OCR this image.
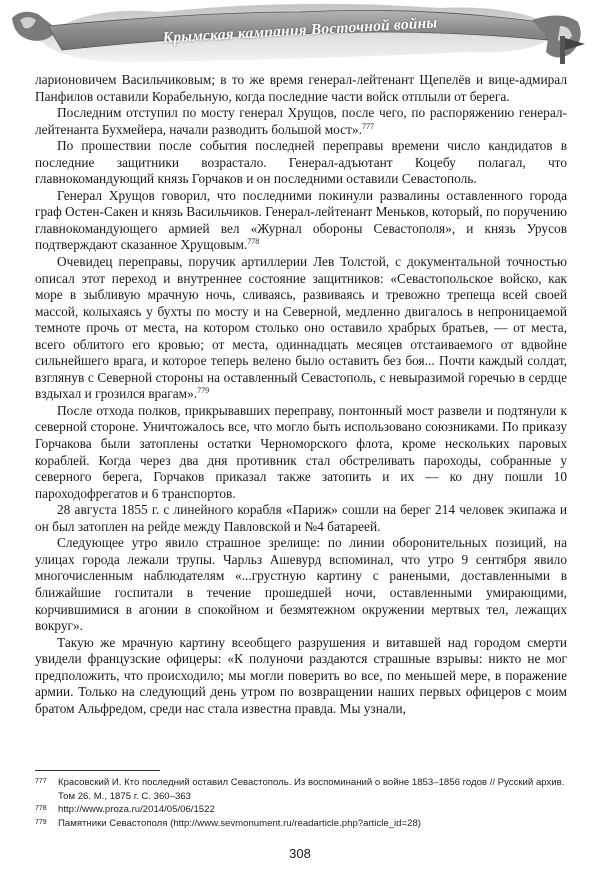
Крымская кампания Восточной войны

ларионовичем Васильчиковым; в то же время генерал-лейтенант Щепелёв и вице-адмирал Панфилов оставили Корабельную, когда последние части войск отплыли от берега.

Последним отступил по мосту генерал Хрущов, после чего, по распоряжению генерал-лейтенанта Бухмейера, начали разводить большой мост».$^{777}$

По прошествии после события последней переправы времени число кандидатов в последние защитники возрастало. Генерал-адъютант Коцебу полагал, что главнокомандующий князь Горчаков и он последними оставили Севастополь.

Генерал Хрущов говорил, что последними покинули развалины оставленного города граф Остен-Сакен и князь Васильчиков. Генерал-лейтенант Меньков, который, по поручению главнокомандующего армией вел «Журнал обороны Севастополя», и князь Урусов подтверждают сказанное Хрущовым.$^{778}$

Очевидец переправы, поручик артиллерии Лев Толстой, с документальной точностью описал этот переход и внутреннее состояние защитников: «Севастопольское войско, как море в зыбливую мрачную ночь, сливаясь, развиваясь и тревожно трепеща всей своей массой, колыхаясь у бухты по мосту и на Северной, медленно двигалось в непроницаемой темноте прочь от места, на котором столько оно оставило храбрых братьев, — от места, всего облитого его кровью; от места, одиннадцать месяцев отстаиваемого от вдвойне сильнейшего врага, и которое теперь велено было оставить без боя... Почти каждый солдат, взглянув с Северной стороны на оставленный Севастополь, с невыразимой горечью в сердце вздыхал и грозился врагам».$^{779}$

После отхода полков, прикрывавших переправу, понтонный мост развели и подтянули к северной стороне. Уничтожалось все, что могло быть использовано союзниками. По приказу Горчакова были затоплены остатки Черноморского флота, кроме нескольких паровых кораблей. Когда через два дня противник стал обстреливать пароходы, собранные у северного берега, Горчаков приказал также затопить и их — ко дну пошли 10 пароходофрегатов и 6 транспортов.

28 августа 1855 г. с линейного корабля «Париж» сошли на берег 214 человек экипажа и он был затоплен на рейде между Павловской и №4 батареей.

Следующее утро явило страшное зрелище: по линии оборонительных позиций, на улицах города лежали трупы. Чарльз Ашевурд вспоминал, что утро 9 сентября явило многочисленным наблюдателям «...грустную картину с ранеными, доставленными в ближайшие госпитали в течение прошедшей ночи, оставленными умирающими, корчившимися в агонии в спокойном и безмятежном окружении мертвых тел, лежащих вокруг».

Такую же мрачную картину всеобщего разрушения и витавшей над городом смерти увидели французские офицеры: «К полуночи раздаются страшные взрывы: никто не мог предположить, что происходило; мы могли поверить во все, по меньшей мере, в поражение армии. Только на следующий день утром по возвращении наших первых офицеров с моим братом Альфредом, среди нас стала известна правда. Мы узнали,

777 Красовский И. Кто последний оставил Севастополь. Из воспоминаний о войне 1853–1856 годов // Русский архив. Том 26. М., 1875 г. С. 360–363
778 http://www.proza.ru/2014/05/06/1522
779 Памятники Севастополя (http://www.sevmonument.ru/readarticle.php?article_id=28)
308
